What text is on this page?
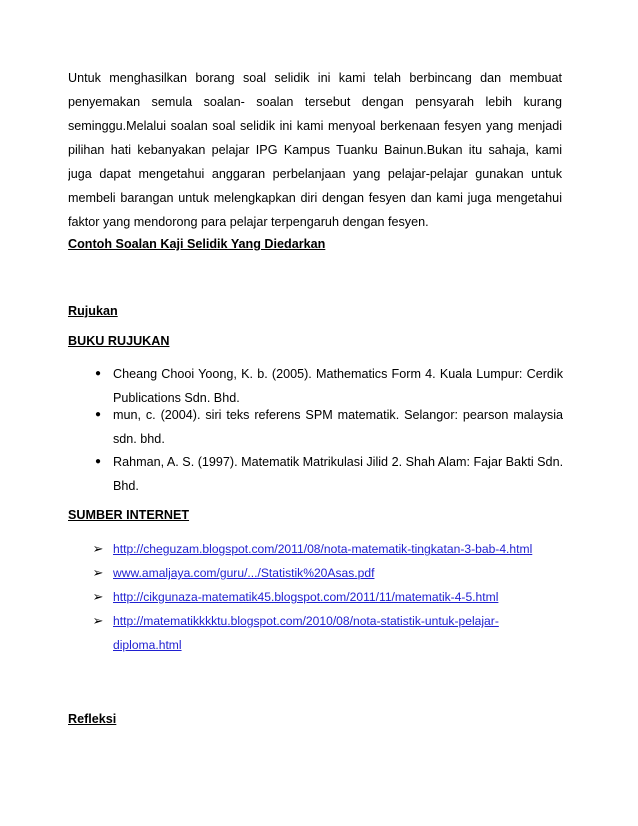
Untuk menghasilkan borang soal selidik ini kami telah berbincang dan membuat
penyemakan semula soalan- soalan tersebut dengan pensyarah lebih kurang
seminggu.Melalui soalan soal selidik ini kami menyoal berkenaan fesyen yang menjadi
pilihan hati kebanyakan pelajar IPG Kampus Tuanku Bainun.Bukan itu sahaja, kami
juga dapat mengetahui anggaran perbelanjaan yang pelajar-pelajar gunakan untuk
membeli barangan untuk melengkapkan diri dengan fesyen dan kami juga mengetahui
faktor yang mendorong para pelajar terpengaruh dengan fesyen.

Contoh Soalan Kaji Selidik Yang Diedarkan
Rujukan
BUKU RUJUKAN
● Cheang Chooi Yoong, K. b. (2005). Mathematics Form 4. Kuala Lumpur: Cerdik
Publications Sdn. Bhd.
● mun, c. (2004). siri teks referens SPM matematik. Selangor: pearson malaysia
sdn. bhd.
● Rahman, A. S. (1997). Matematik Matrikulasi Jilid 2. Shah Alam: Fajar Bakti Sdn.
Bhd.
SUMBER INTERNET
➢ http://cheguzam.blogspot.com/2011/08/nota-matematik-tingkatan-3-bab-4.html
➢ www.amaljaya.com/guru/.../Statistik%20Asas.pdf
➢ http://cikgunaza-matematik45.blogspot.com/2011/11/matematik-4-5.html
➢ http://matematikkkktu.blogspot.com/2010/08/nota-statistik-untuk-pelajar-
diploma.html
Refleksi
